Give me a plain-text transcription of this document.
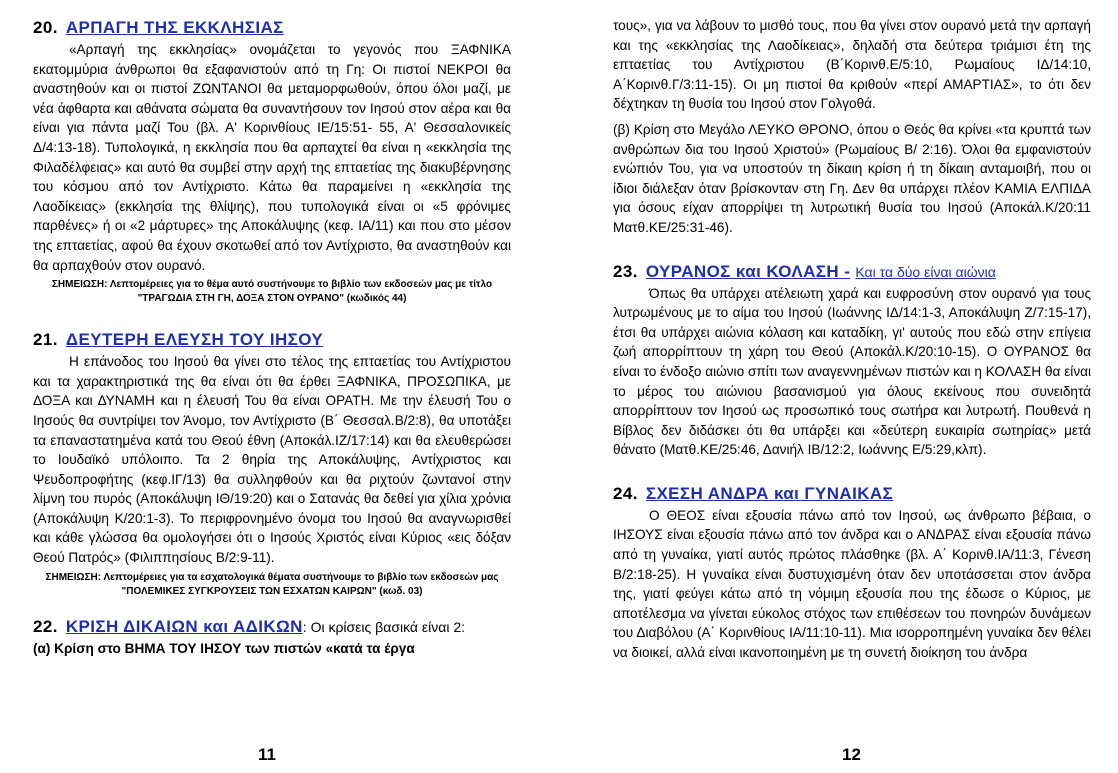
20. ΑΡΠΑΓΗ ΤΗΣ ΕΚΚΛΗΣΙΑΣ

«Αρπαγή της εκκλησίας» ονομάζεται το γεγονός που ΞΑΦΝΙΚΑ εκατομμύρια άνθρωποι θα εξαφανιστούν από τη Γη: Οι πιστοί ΝΕΚΡΟΙ θα αναστηθούν και οι πιστοί ΖΩΝΤΑΝΟΙ θα μεταμορφωθούν, όπου όλοι μαζί, με νέα άφθαρτα και αθάνατα σώματα θα συναντήσουν τον Ιησού στον αέρα και θα είναι για πάντα μαζί Του (βλ. Α' Κορινθίους ΙΕ/15:51- 55, Α' Θεσσαλονικείς Δ/4:13-18). Τυπολογικά, η εκκλησία που θα αρπαχτεί θα είναι η «εκκλησία της Φιλαδέλφειας» και αυτό θα συμβεί στην αρχή της επταετίας της διακυβέρνησης του κόσμου από τον Αντίχριστο. Κάτω θα παραμείνει η «εκκλησία της Λαοδίκειας» (εκκλησία της θλίψης), που τυπολογικά είναι οι «5 φρόνιμες παρθένες» ή οι «2 μάρτυρες» της Αποκάλυψης (κεφ. ΙΑ/11) και που στο μέσον της επταετίας, αφού θα έχουν σκοτωθεί από τον Αντίχριστο, θα αναστηθούν και θα αρπαχθούν στον ουρανό.

ΣΗΜΕΙΩΣΗ: Λεπτομέρειες για το θέμα αυτό συστήνουμε το βιβλίο των εκδοσεών μας με τίτλο "ΤΡΑΓΩΔΙΑ ΣΤΗ ΓΗ, ΔΟΞΑ ΣΤΟΝ ΟΥΡΑΝΟ" (κωδικός 44)

21. ΔΕΥΤΕΡΗ ΕΛΕΥΣΗ ΤΟΥ ΙΗΣΟΥ

Η επάνοδος του Ιησού θα γίνει στο τέλος της επταετίας του Αντίχριστου και τα χαρακτηριστικά της θα είναι ότι θα έρθει ΞΑΦΝΙΚΑ, ΠΡΟΣΩΠΙΚΑ, με ΔΟΞΑ και ΔΥΝΑΜΗ και η έλευσή Του θα είναι ΟΡΑΤΗ. Με την έλευσή Του ο Ιησούς θα συντρίψει τον Άνομο, τον Αντίχριστο (Β΄ Θεσσαλ.Β/2:8), θα υποτάξει τα επαναστατημένα κατά του Θεού έθνη (Αποκάλ.ΙΖ/17:14) και θα ελευθερώσει το Ιουδαϊκό υπόλοιπο. Τα 2 θηρία της Αποκάλυψης, Αντίχριστος και Ψευδοπροφήτης (κεφ.ΙΓ/13) θα συλληφθούν και θα ριχτούν ζωντανοί στην λίμνη του πυρός (Αποκάλυψη ΙΘ/19:20) και ο Σατανάς θα δεθεί για χίλια χρόνια (Αποκάλυψη Κ/20:1-3). Το περιφρονημένο όνομα του Ιησού θα αναγνωρισθεί και κάθε γλώσσα θα ομολογήσει ότι ο Ιησούς Χριστός είναι Κύριος «εις δόξαν Θεού Πατρός» (Φιλιππησίους Β/2:9-11).

ΣΗΜΕΙΩΣΗ: Λεπτομέρειες για τα εσχατολογικά θέματα συστήνουμε το βιβλίο των εκδοσεών μας "ΠΟΛΕΜΙΚΕΣ ΣΥΓΚΡΟΥΣΕΙΣ ΤΩΝ ΕΣΧΑΤΩΝ ΚΑΙΡΩΝ" (κωδ. 03)

22. ΚΡΙΣΗ ΔΙΚΑΙΩΝ και ΑΔΙΚΩΝ: Οι κρίσεις βασικά είναι 2:

(α) Κρίση στο ΒΗΜΑ ΤΟΥ ΙΗΣΟΥ των πιστών «κατά τα έργα

τους», για να λάβουν το μισθό τους, που θα γίνει στον ουρανό μετά την αρπαγή και της «εκκλησίας της Λαοδίκειας», δηλαδή στα δεύτερα τριάμισι έτη της επταετίας του Αντίχριστου (Β΄Κορινθ.Ε/5:10, Ρωμαίους ΙΔ/14:10, Α΄Κορινθ.Γ/3:11-15). Οι μη πιστοί θα κριθούν «περί ΑΜΑΡΤΙΑΣ», το ότι δεν δέχτηκαν τη θυσία του Ιησού στον Γολγοθά.

(β) Κρίση στο Μεγάλο ΛΕΥΚΟ ΘΡΟΝΟ, όπου ο Θεός θα κρίνει «τα κρυπτά των ανθρώπων δια του Ιησού Χριστού» (Ρωμαίους Β/ 2:16). Όλοι θα εμφανιστούν ενώπιόν Του, για να υποστούν τη δίκαιη κρίση ή τη δίκαιη ανταμοιβή, που οι ίδιοι διάλεξαν όταν βρίσκονταν στη Γη. Δεν θα υπάρχει πλέον ΚΑΜΙΑ ΕΛΠΙΔΑ για όσους είχαν απορρίψει τη λυτρωτική θυσία του Ιησού (Αποκάλ.Κ/20:11 Ματθ.ΚΕ/25:31-46).

23. ΟΥΡΑΝΟΣ και ΚΟΛΑΣΗ - Και τα δύο είναι αιώνια

Όπως θα υπάρχει ατέλειωτη χαρά και ευφροσύνη στον ουρανό για τους λυτρωμένους με το αίμα του Ιησού (Ιωάννης ΙΔ/14:1-3, Αποκάλυψη Ζ/7:15-17), έτσι θα υπάρχει αιώνια κόλαση και καταδίκη, γι' αυτούς που εδώ στην επίγεια ζωή απορρίπτουν τη χάρη του Θεού (Αποκάλ.Κ/20:10-15). Ο ΟΥΡΑΝΟΣ θα είναι το ένδοξο αιώνιο σπίτι των αναγεννημένων πιστών και η ΚΟΛΑΣΗ θα είναι το μέρος του αιώνιου βασανισμού για όλους εκείνους που συνειδητά απορρίπτουν τον Ιησού ως προσωπικό τους σωτήρα και λυτρωτή. Πουθενά η Βίβλος δεν διδάσκει ότι θα υπάρξει και «δεύτερη ευκαιρία σωτηρίας» μετά θάνατο (Ματθ.ΚΕ/25:46, Δανιήλ ΙΒ/12:2, Ιωάννης Ε/5:29,κλπ).

24. ΣΧΕΣΗ ΑΝΔΡΑ και ΓΥΝΑΙΚΑΣ

Ο ΘΕΟΣ είναι εξουσία πάνω από τον Ιησού, ως άνθρωπο βέβαια, ο ΙΗΣΟΥΣ είναι εξουσία πάνω από τον άνδρα και ο ΑΝΔΡΑΣ είναι εξουσία πάνω από τη γυναίκα, γιατί αυτός πρώτος πλάσθηκε (βλ. Α΄ Κορινθ.ΙΑ/11:3, Γένεση Β/2:18-25). Η γυναίκα είναι δυστυχισμένη όταν δεν υποτάσσεται στον άνδρα της, γιατί φεύγει κάτω από τη νόμιμη εξουσία που της έδωσε ο Κύριος, με αποτέλεσμα να γίνεται εύκολος στόχος των επιθέσεων του πονηρών δυνάμεων του Διαβόλου (Α΄ Κορινθίους ΙΑ/11:10-11). Μια ισορροπημένη γυναίκα δεν θέλει να διοικεί, αλλά είναι ικανοποιημένη με τη συνετή διοίκηση του άνδρα

11	12
